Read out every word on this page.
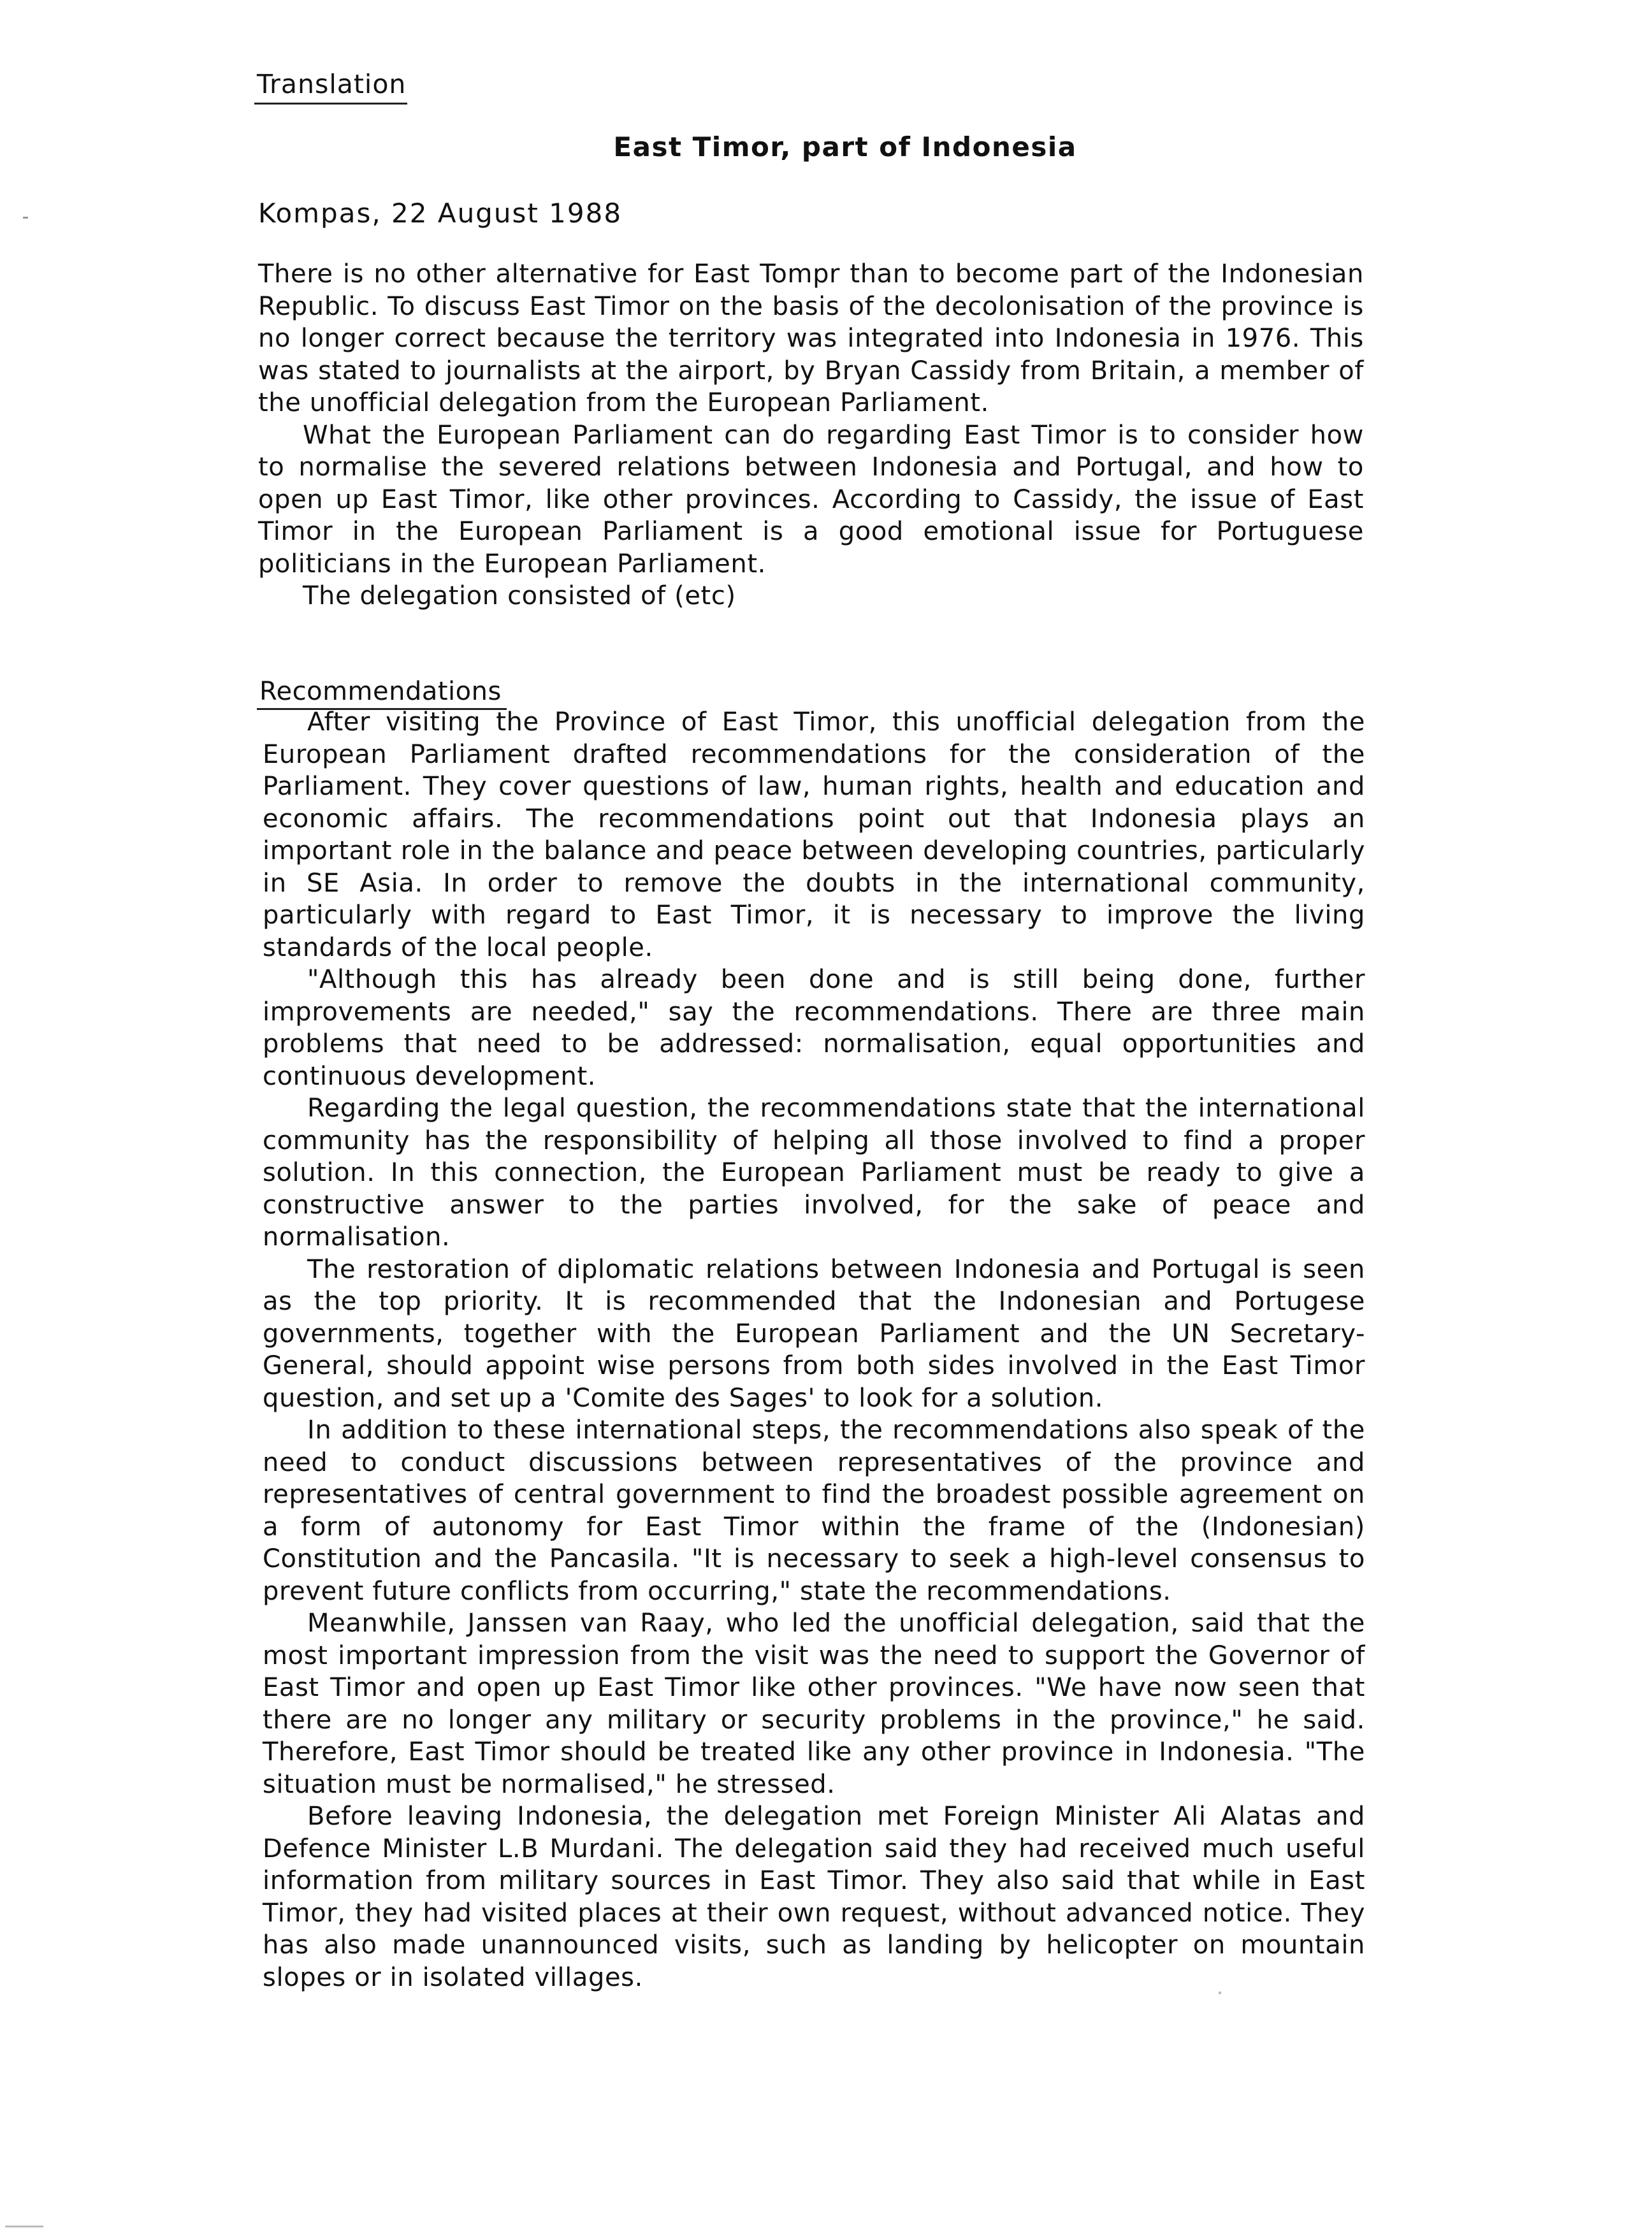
Translation
East Timor, part of Indonesia
Kompas, 22 August 1988

There is no other alternative for East Tompr than to become part of the Indonesian Republic. To discuss East Timor on the basis of the decolonisation of the province is no longer correct because the territory was integrated into Indonesia in 1976. This was stated to journalists at the airport, by Bryan Cassidy from Britain, a member of the unofficial delegation from the European Parliament.

What the European Parliament can do regarding East Timor is to consider how to normalise the severed relations between Indonesia and Portugal, and how to open up East Timor, like other provinces. According to Cassidy, the issue of East Timor in the European Parliament is a good emotional issue for Portuguese politicians in the European Parliament.

The delegation consisted of (etc)

Recommendations

After visiting the Province of East Timor, this unofficial delegation from the European Parliament drafted recommendations for the consideration of the Parliament. They cover questions of law, human rights, health and education and economic affairs. The recommendations point out that Indonesia plays an important role in the balance and peace between developing countries, particularly in SE Asia. In order to remove the doubts in the international community, particularly with regard to East Timor, it is necessary to improve the living standards of the local people.

"Although this has already been done and is still being done, further improvements are needed," say the recommendations. There are three main problems that need to be addressed: normalisation, equal opportunities and continuous development.

Regarding the legal question, the recommendations state that the international community has the responsibility of helping all those involved to find a proper solution. In this connection, the European Parliament must be ready to give a constructive answer to the parties involved, for the sake of peace and normalisation.

The restoration of diplomatic relations between Indonesia and Portugal is seen as the top priority. It is recommended that the Indonesian and Portugese governments, together with the European Parliament and the UN Secretary-General, should appoint wise persons from both sides involved in the East Timor question, and set up a 'Comite des Sages' to look for a solution.

In addition to these international steps, the recommendations also speak of the need to conduct discussions between representatives of the province and representatives of central government to find the broadest possible agreement on a form of autonomy for East Timor within the frame of the (Indonesian) Constitution and the Pancasila. "It is necessary to seek a high-level consensus to prevent future conflicts from occurring," state the recommendations.

Meanwhile, Janssen van Raay, who led the unofficial delegation, said that the most important impression from the visit was the need to support the Governor of East Timor and open up East Timor like other provinces. "We have now seen that there are no longer any military or security problems in the province," he said. Therefore, East Timor should be treated like any other province in Indonesia. "The situation must be normalised," he stressed.

Before leaving Indonesia, the delegation met Foreign Minister Ali Alatas and Defence Minister L.B Murdani. The delegation said they had received much useful information from military sources in East Timor. They also said that while in East Timor, they had visited places at their own request, without advanced notice. They has also made unannounced visits, such as landing by helicopter on mountain slopes or in isolated villages.
